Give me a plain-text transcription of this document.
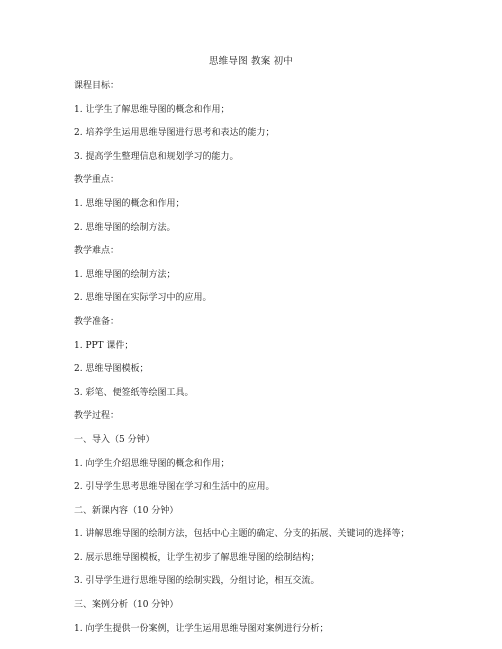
思维导图 教案 初中
课程目标：
1. 让学生了解思维导图的概念和作用；
2. 培养学生运用思维导图进行思考和表达的能力；
3. 提高学生整理信息和规划学习的能力。
教学重点：
1. 思维导图的概念和作用；
2. 思维导图的绘制方法。
教学难点：
1. 思维导图的绘制方法；
2. 思维导图在实际学习中的应用。
教学准备：
1. PPT 课件；
2. 思维导图模板；
3. 彩笔、便签纸等绘图工具。
教学过程：
一、导入（5 分钟）
1. 向学生介绍思维导图的概念和作用；
2. 引导学生思考思维导图在学习和生活中的应用。
二、新课内容（10 分钟）
1. 讲解思维导图的绘制方法，包括中心主题的确定、分支的拓展、关键词的选择等；
2. 展示思维导图模板，让学生初步了解思维导图的绘制结构；
3. 引导学生进行思维导图的绘制实践，分组讨论，相互交流。
三、案例分析（10 分钟）
1. 向学生提供一份案例，让学生运用思维导图对案例进行分析；
